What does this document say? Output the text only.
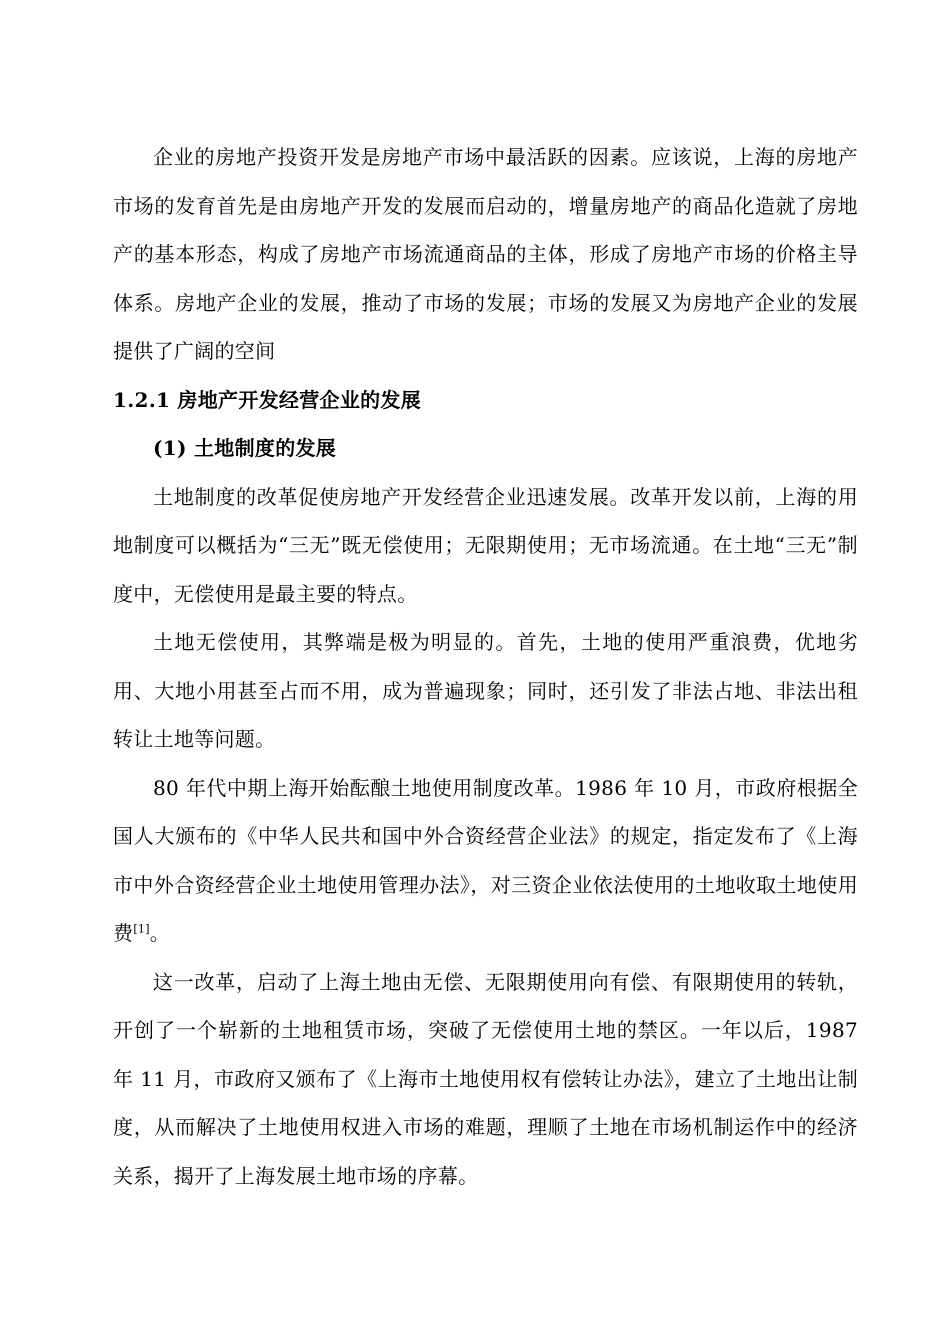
企业的房地产投资开发是房地产市场中最活跃的因素。应该说，上海的房地产市场的发育首先是由房地产开发的发展而启动的，增量房地产的商品化造就了房地产的基本形态，构成了房地产市场流通商品的主体，形成了房地产市场的价格主导体系。房地产企业的发展，推动了市场的发展；市场的发展又为房地产企业的发展提供了广阔的空间

1.2.1 房地产开发经营企业的发展

(1) 土地制度的发展

土地制度的改革促使房地产开发经营企业迅速发展。改革开发以前，上海的用地制度可以概括为“三无”既无偿使用；无限期使用；无市场流通。在土地“三无”制度中，无偿使用是最主要的特点。

土地无偿使用，其弊端是极为明显的。首先，土地的使用严重浪费，优地劣用、大地小用甚至占而不用，成为普遍现象；同时，还引发了非法占地、非法出租转让土地等问题。

80 年代中期上海开始酝酿土地使用制度改革。1986 年 10 月，市政府根据全国人大颁布的《中华人民共和国中外合资经营企业法》的规定，指定发布了《上海市中外合资经营企业土地使用管理办法》，对三资企业依法使用的土地收取土地使用费[1]。

这一改革，启动了上海土地由无偿、无限期使用向有偿、有限期使用的转轨，开创了一个崭新的土地租赁市场，突破了无偿使用土地的禁区。一年以后，1987 年 11 月，市政府又颁布了《上海市土地使用权有偿转让办法》，建立了土地出让制度，从而解决了土地使用权进入市场的难题，理顺了土地在市场机制运作中的经济关系，揭开了上海发展土地市场的序幕。
